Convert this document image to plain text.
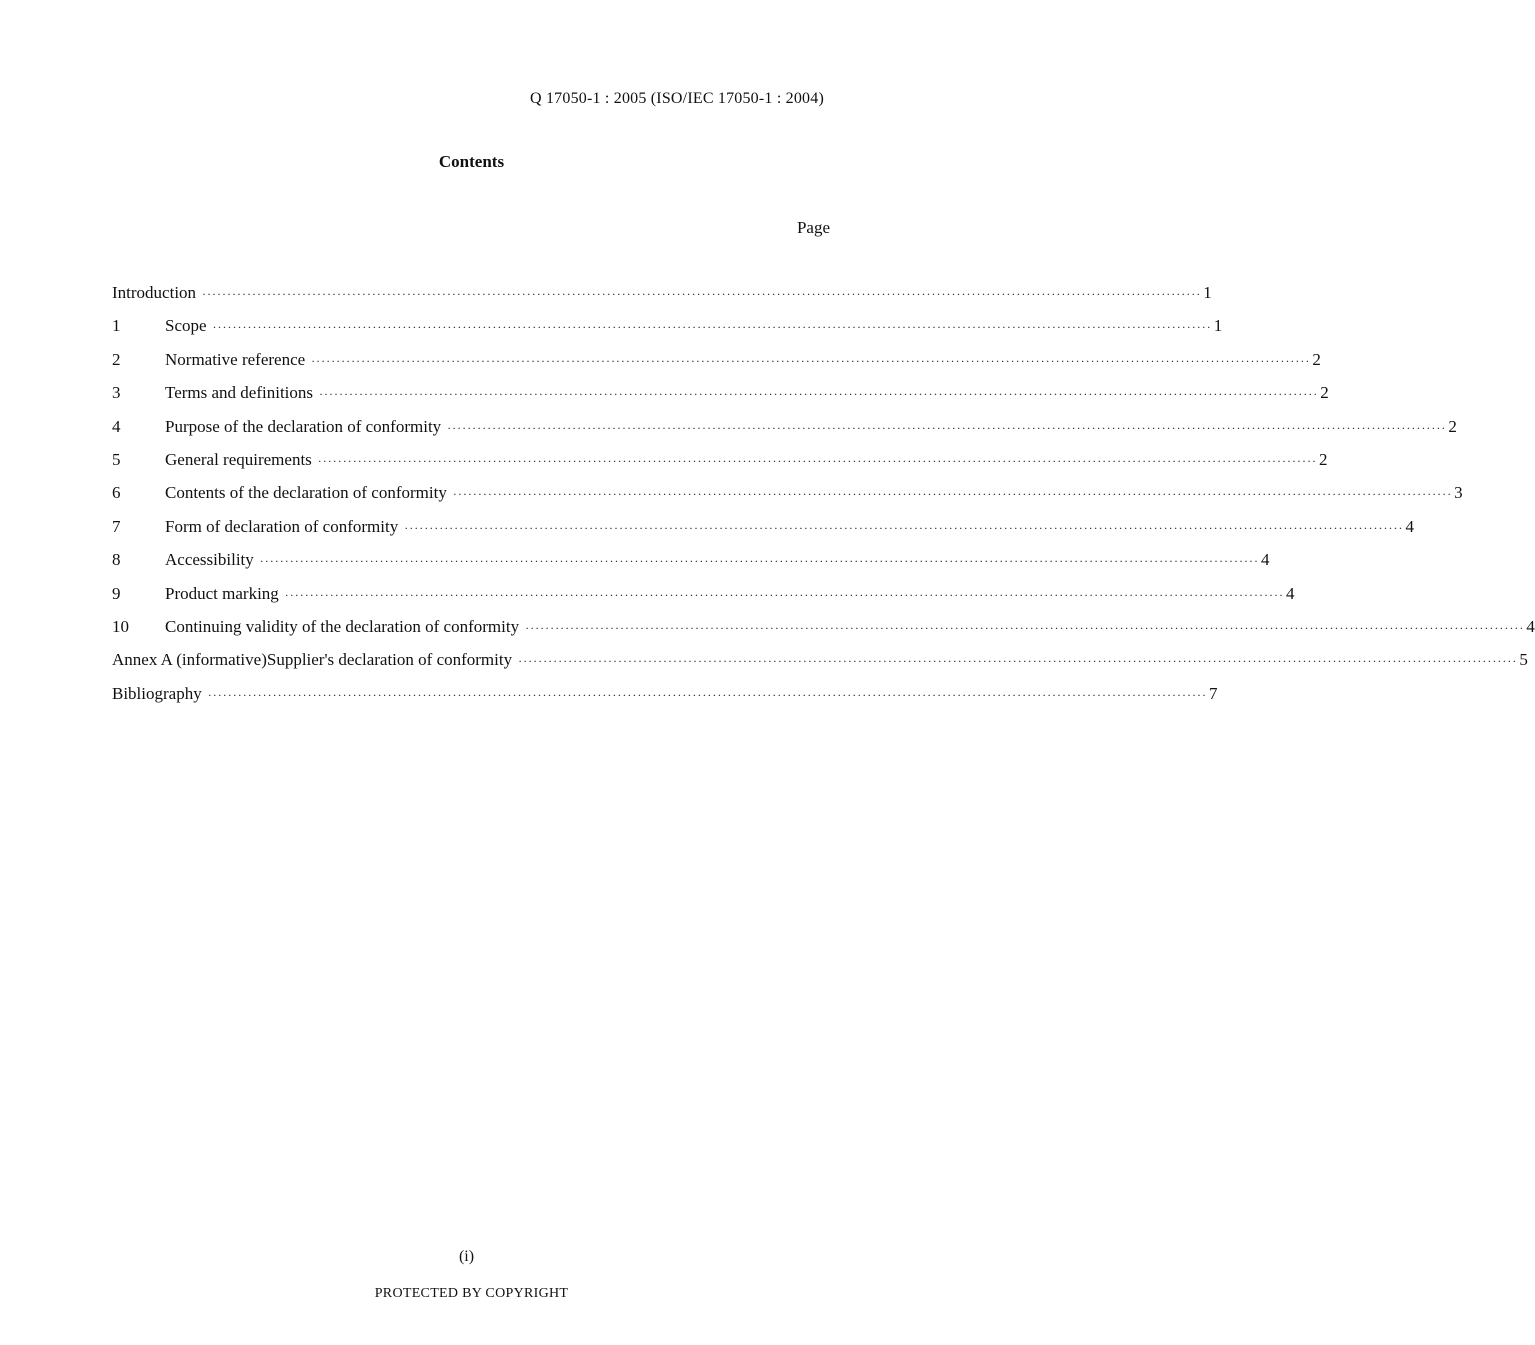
Q 17050-1 : 2005 (ISO/IEC 17050-1 : 2004)
Contents
Page
Introduction ········································································································································································································ 1
1	Scope ········································································································································································································ 1
2	Normative reference ········································································································································································································ 2
3	Terms and definitions ········································································································································································································ 2
4	Purpose of the declaration of conformity ········································································································································································································ 2
5	General requirements ········································································································································································································ 2
6	Contents of the declaration of conformity ········································································································································································································ 3
7	Form of declaration of conformity ········································································································································································································ 4
8	Accessibility ········································································································································································································ 4
9	Product marking ········································································································································································································ 4
10	Continuing validity of the declaration of conformity ········································································································································································································ 4
Annex A (informative) Supplier's declaration of conformity ········································································································································································································ 5
Bibliography ········································································································································································································ 7
(i)
PROTECTED BY COPYRIGHT
